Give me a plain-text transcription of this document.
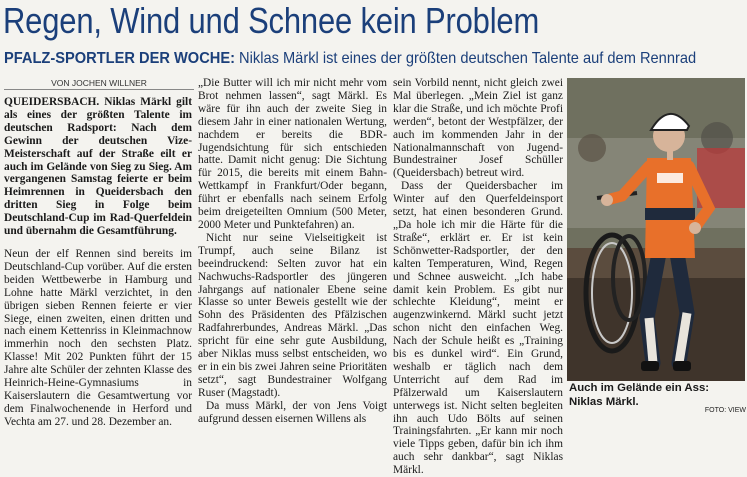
Regen, Wind und Schnee kein Problem
PFALZ-SPORTLER DER WOCHE: Niklas Märkl ist eines der größten deutschen Talente auf dem Rennrad
VON JOCHEN WILLNER

QUEIDERSBACH. Niklas Märkl gilt als eines der größten Talente im deutschen Radsport: Nach dem Gewinn der deutschen Vize-Meisterschaft auf der Straße eilt er auch im Gelände von Sieg zu Sieg. Am vergangenen Samstag feierte er beim Heimrennen in Queidersbach den dritten Sieg in Folge beim Deutschland-Cup im Rad-Querfeldein und übernahm die Gesamtführung.

Neun der elf Rennen sind bereits im Deutschland-Cup vorüber. Auf die ersten beiden Wettbewerbe in Hamburg und Lohne hatte Märkl verzichtet, in den übrigen sieben Rennen feierte er vier Siege, einen zweiten, einen dritten und nach einem Kettenriss in Kleinmachnow immerhin noch den sechsten Platz. Klasse! Mit 202 Punkten führt der 15 Jahre alte Schüler der zehnten Klasse des Heinrich-Heine-Gymnasiums in Kaiserslautern die Gesamtwertung vor dem Finalwochenende in Herford und Vechta am 27. und 28. Dezember an.

„Die Butter will ich mir nicht mehr vom Brot nehmen lassen“, sagt Märkl. Es wäre für ihn auch der zweite Sieg in diesem Jahr in einer nationalen Wertung, nachdem er bereits die BDR-Jugendsichtung für sich entschieden hatte. Damit nicht genug: Die Sichtung für 2015, die bereits mit einem Bahn-Wettkampf in Frankfurt/Oder begann, führt er ebenfalls nach seinem Erfolg beim dreigeteilten Omnium (500 Meter, 2000 Meter und Punktefahren) an.

Nicht nur seine Vielseitigkeit ist Trumpf, auch seine Bilanz ist beeindruckend: Selten zuvor hat ein Nachwuchs-Radsportler des jüngeren Jahrgangs auf nationaler Ebene seine Klasse so unter Beweis gestellt wie der Sohn des Präsidenten des Pfälzischen Radfahrerbundes, Andreas Märkl. „Das spricht für eine sehr gute Ausbildung, aber Niklas muss selbst entscheiden, wo er in ein bis zwei Jahren seine Prioritäten setzt“, sagt Bundestrainer Wolfgang Ruser (Magstadt).

Da muss Märkl, der von Jens Voigt aufgrund dessen eisernen Willens als

sein Vorbild nennt, nicht gleich zwei Mal überlegen. „Mein Ziel ist ganz klar die Straße, und ich möchte Profi werden“, betont der Westpfälzer, der auch im kommenden Jahr in der Nationalmannschaft von Jugend-Bundestrainer Josef Schüller (Queidersbach) betreut wird.

Dass der Queidersbacher im Winter auf den Querfeldeinsport setzt, hat einen besonderen Grund. „Da hole ich mir die Härte für die Straße“, erklärt er. Er ist kein Schönwetter-Radsportler, der den kalten Temperaturen, Wind, Regen und Schnee ausweicht. „Ich habe damit kein Problem. Es gibt nur schlechte Kleidung“, meint er augenzwinkernd. Märkl sucht jetzt schon nicht den einfachen Weg. Nach der Schule heißt es „Training bis es dunkel wird“. Ein Grund, weshalb er täglich nach dem Unterricht auf dem Rad im Pfälzerwald um Kaiserslautern unterwegs ist. Nicht selten begleiten ihn auch Udo Bölts auf seinen Trainingsfahrten. „Er kann mir noch viele Tipps geben, dafür bin ich ihm auch sehr dankbar“, sagt Niklas Märkl.

Auch im Gelände ein Ass: Niklas Märkl.
FOTO: VIEW
